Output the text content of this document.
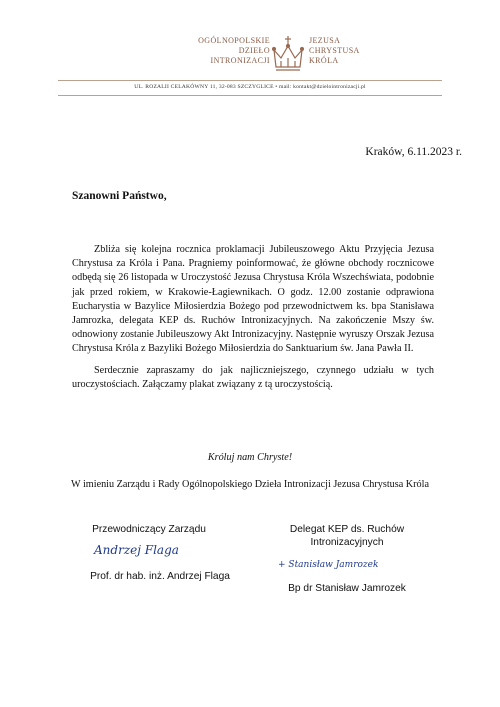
OGÓLNOPOLSKIE
DZIEŁO
INTRONIZACJI
JEZUSA
CHRYSTUSA
KRÓLA
UL. ROZALII CELAKÓWNY 11, 32-083 SZCZYGLICE • mail: kontakt@dzielointronizacji.pl
Kraków, 6.11.2023 r.
Szanowni Państwo,

Zbliża się kolejna rocznica proklamacji Jubileuszowego Aktu Przyjęcia Jezusa Chrystusa za Króla i Pana. Pragniemy poinformować, że główne obchody rocznicowe odbędą się 26 listopada w Uroczystość Jezusa Chrystusa Króla Wszechświata, podobnie jak przed rokiem, w Krakowie-Łagiewnikach. O godz. 12.00 zostanie odprawiona Eucharystia w Bazylice Miłosierdzia Bożego pod przewodnictwem ks. bpa Stanisława Jamrozka, delegata KEP ds. Ruchów Intronizacyjnych. Na zakończenie Mszy św. odnowiony zostanie Jubileuszowy Akt Intronizacyjny. Następnie wyruszy Orszak Jezusa Chrystusa Króla z Bazyliki Bożego Miłosierdzia do Sanktuarium św. Jana Pawła II.

Serdecznie zapraszamy do jak najliczniejszego, czynnego udziału w tych uroczystościach. Załączamy plakat związany z tą uroczystością.

Króluj nam Chryste!
W imieniu Zarządu i Rady Ogólnopolskiego Dzieła Intronizacji Jezusa Chrystusa Króla
Przewodniczący Zarządu
Andrzej Flaga
Prof. dr hab. inż. Andrzej Flaga
Delegat KEP ds. Ruchów
Intronizacyjnych
+ Stanisław Jamrozek
Bp dr Stanisław Jamrozek
